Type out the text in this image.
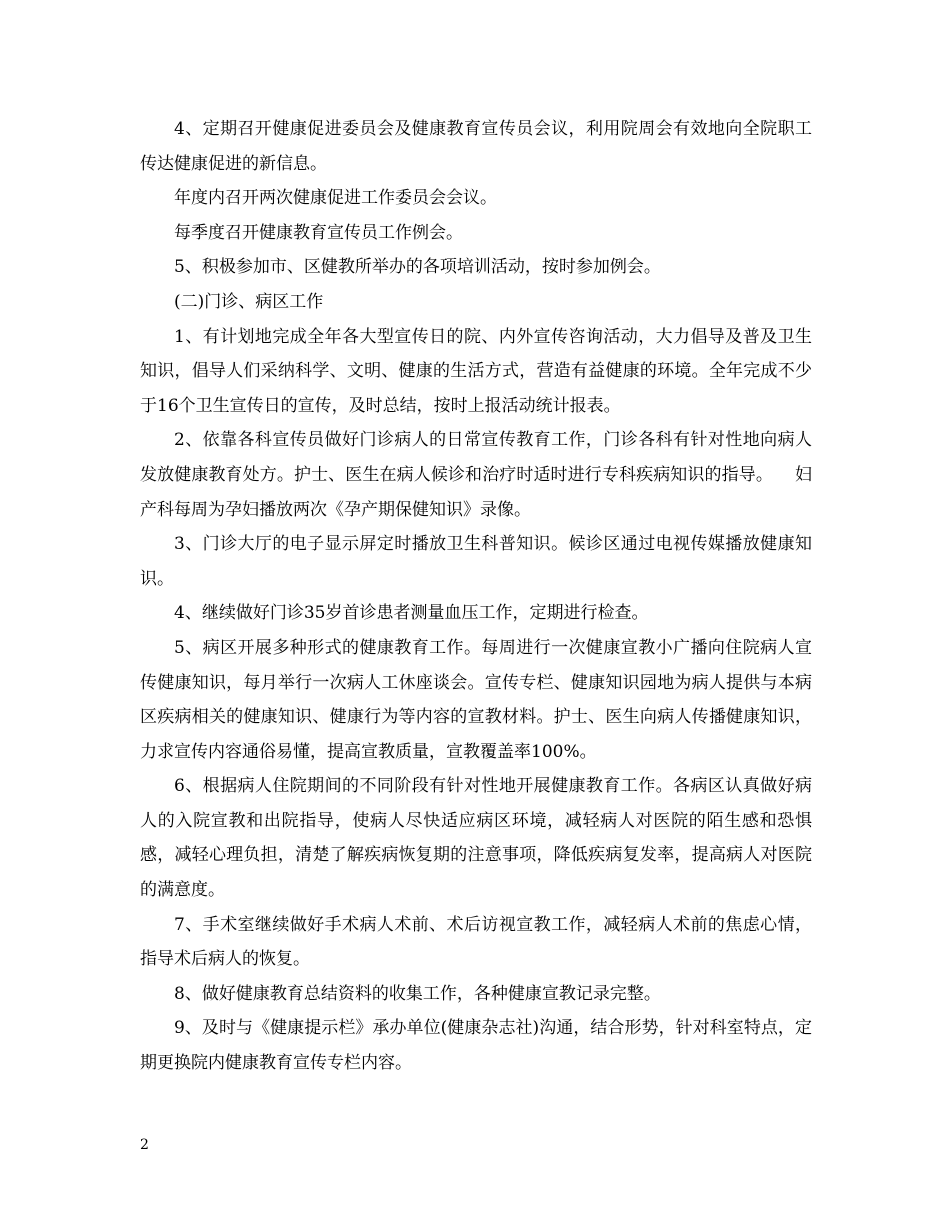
4、定期召开健康促进委员会及健康教育宣传员会议，利用院周会有效地向全院职工传达健康促进的新信息。

年度内召开两次健康促进工作委员会会议。

每季度召开健康教育宣传员工作例会。

5、积极参加市、区健教所举办的各项培训活动，按时参加例会。

(二)门诊、病区工作

1、有计划地完成全年各大型宣传日的院、内外宣传咨询活动，大力倡导及普及卫生知识，倡导人们采纳科学、文明、健康的生活方式，营造有益健康的环境。全年完成不少于16个卫生宣传日的宣传，及时总结，按时上报活动统计报表。

2、依靠各科宣传员做好门诊病人的日常宣传教育工作，门诊各科有针对性地向病人发放健康教育处方。护士、医生在病人候诊和治疗时适时进行专科疾病知识的指导。    妇产科每周为孕妇播放两次《孕产期保健知识》录像。

3、门诊大厅的电子显示屏定时播放卫生科普知识。候诊区通过电视传媒播放健康知识。

4、继续做好门诊35岁首诊患者测量血压工作，定期进行检查。

5、病区开展多种形式的健康教育工作。每周进行一次健康宣教小广播向住院病人宣传健康知识，每月举行一次病人工休座谈会。宣传专栏、健康知识园地为病人提供与本病区疾病相关的健康知识、健康行为等内容的宣教材料。护士、医生向病人传播健康知识，力求宣传内容通俗易懂，提高宣教质量，宣教覆盖率100%。

6、根据病人住院期间的不同阶段有针对性地开展健康教育工作。各病区认真做好病人的入院宣教和出院指导，使病人尽快适应病区环境，减轻病人对医院的陌生感和恐惧感，减轻心理负担，清楚了解疾病恢复期的注意事项，降低疾病复发率，提高病人对医院的满意度。

7、手术室继续做好手术病人术前、术后访视宣教工作，减轻病人术前的焦虑心情，指导术后病人的恢复。

8、做好健康教育总结资料的收集工作，各种健康宣教记录完整。

9、及时与《健康提示栏》承办单位(健康杂志社)沟通，结合形势，针对科室特点，定期更换院内健康教育宣传专栏内容。

2
